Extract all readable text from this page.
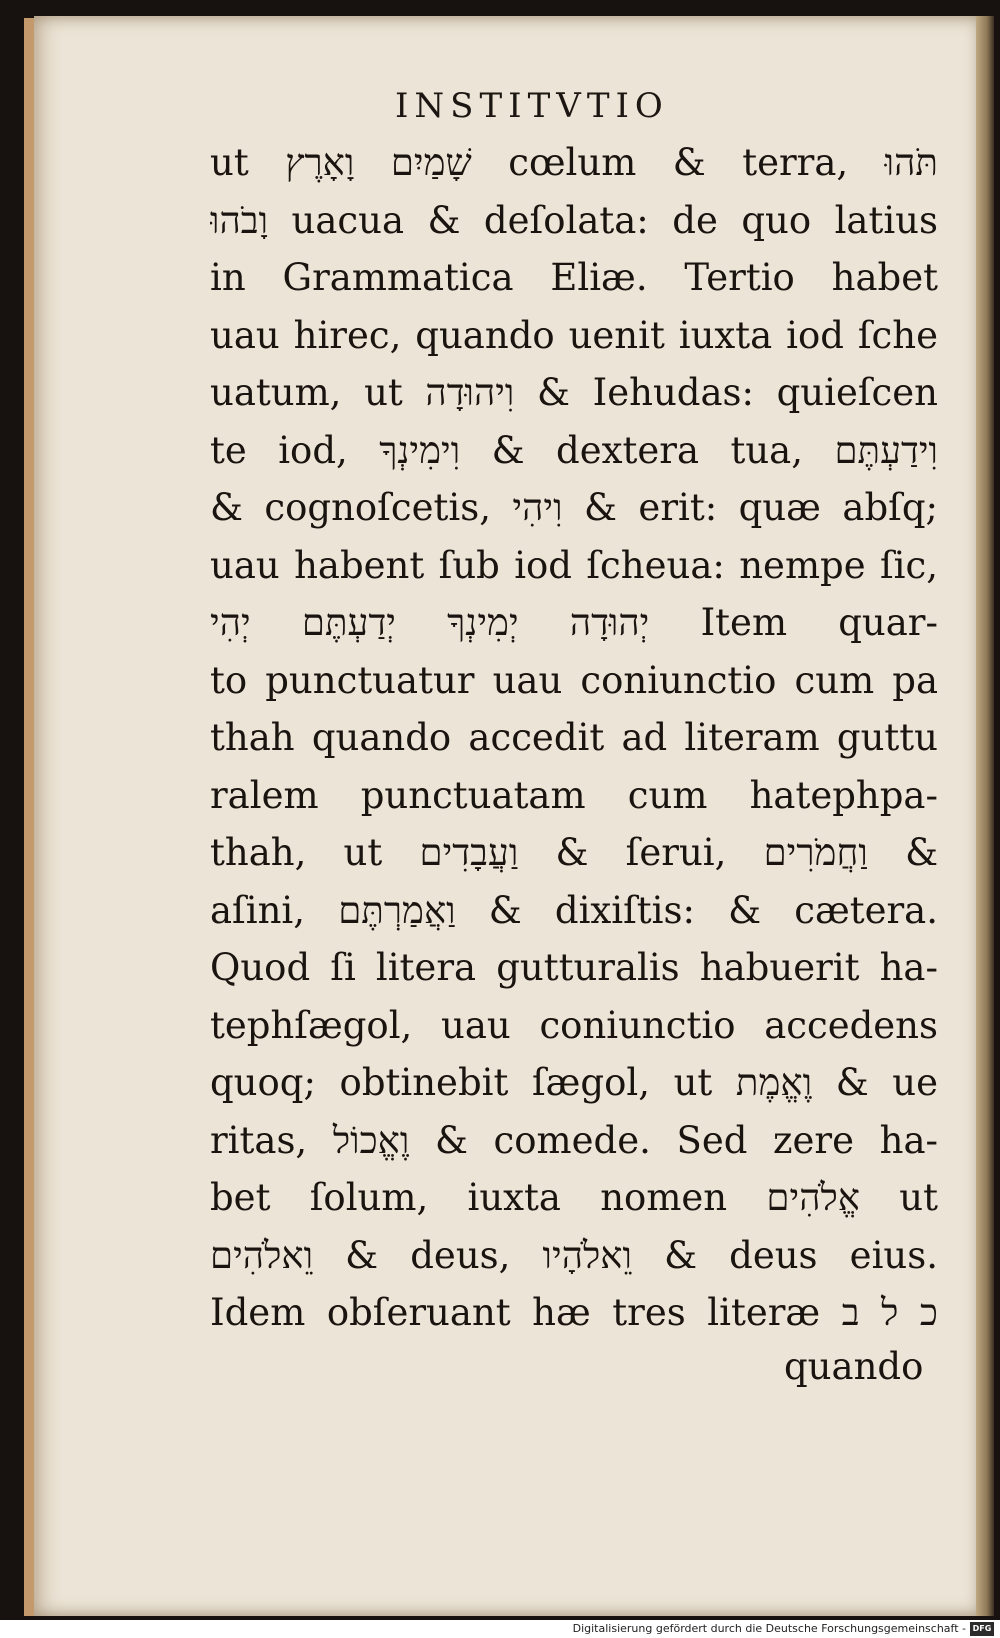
INSTITVTIO
ut שָׁמַיִם וָאָרֶץ cœlum & terra, תֹּהוּ
וָבֹהוּ uacua & deſolata: de quo latius
in Grammatica Eliæ. Tertio habet
uau hirec, quando uenit iuxta iod ſche
uatum, ut וִיהוּדָה & Iehudas: quieſcen
te iod, וִימִינְךָ & dextera tua, וִידַעְתֶּם
& cognoſcetis, וִיהִי & erit: quæ abſq;
uau habent ſub iod ſcheua: nempe ſic,
יְהוּדָה יְמִינְךָ יְדַעְתֶּם יְהִי Item quar-
to punctuatur uau coniunctio cum pa
thah quando accedit ad literam guttu
ralem punctuatam cum hatephpa-
thah, ut וַעֲבָדִים & ſerui, וַחֲמֹרִים &
aſini, וַאֲמַרְתֶּם & dixiſtis: & cætera.
Quod ſi litera gutturalis habuerit ha-
tephſægol, uau coniunctio accedens
quoq; obtinebit ſægol, ut וֶאֱמֶת & ue
ritas, וֶאֱכוֹל & comede. Sed zere ha-
bet ſolum, iuxta nomen אֱלֹהִים ut
וֵאלֹהִים & deus, וֵאלֹהָיו & deus eius.
Idem obſeruant hæ tres literæ כ ל ב
quando
Digitalisierung gefördert durch die Deutsche Forschungsgemeinschaft - DFG
